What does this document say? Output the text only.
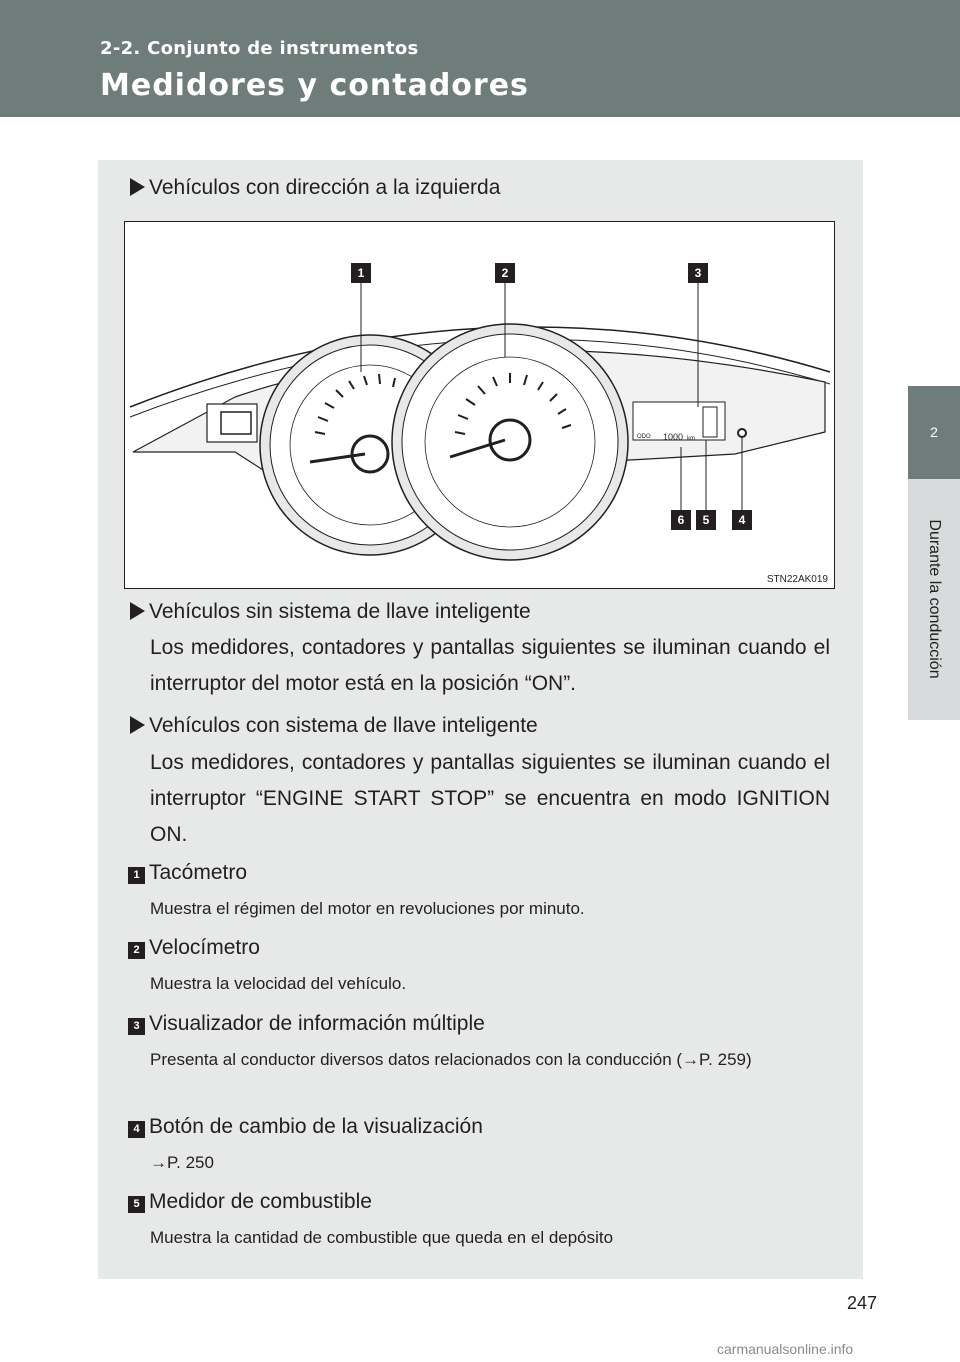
2-2. Conjunto de instrumentos
Medidores y contadores
2
Durante la conducción
Vehículos con dirección a la izquierda
ODO 1000 km
1	2	3
4
5
6
STN22AK019
Vehículos sin sistema de llave inteligente
Los medidores, contadores y pantallas siguientes se iluminan cuando el interruptor del motor está en la posición “ON”.
Vehículos con sistema de llave inteligente
Los medidores, contadores y pantallas siguientes se iluminan cuando el interruptor “ENGINE START STOP” se encuentra en modo IGNITION ON.
1 Tacómetro
Muestra el régimen del motor en revoluciones por minuto.
2 Velocímetro
Muestra la velocidad del vehículo.
3 Visualizador de información múltiple
Presenta al conductor diversos datos relacionados con la conducción (→P. 259)
4 Botón de cambio de la visualización
→P. 250
5 Medidor de combustible
Muestra la cantidad de combustible que queda en el depósito
247
carmanualsonline.info
